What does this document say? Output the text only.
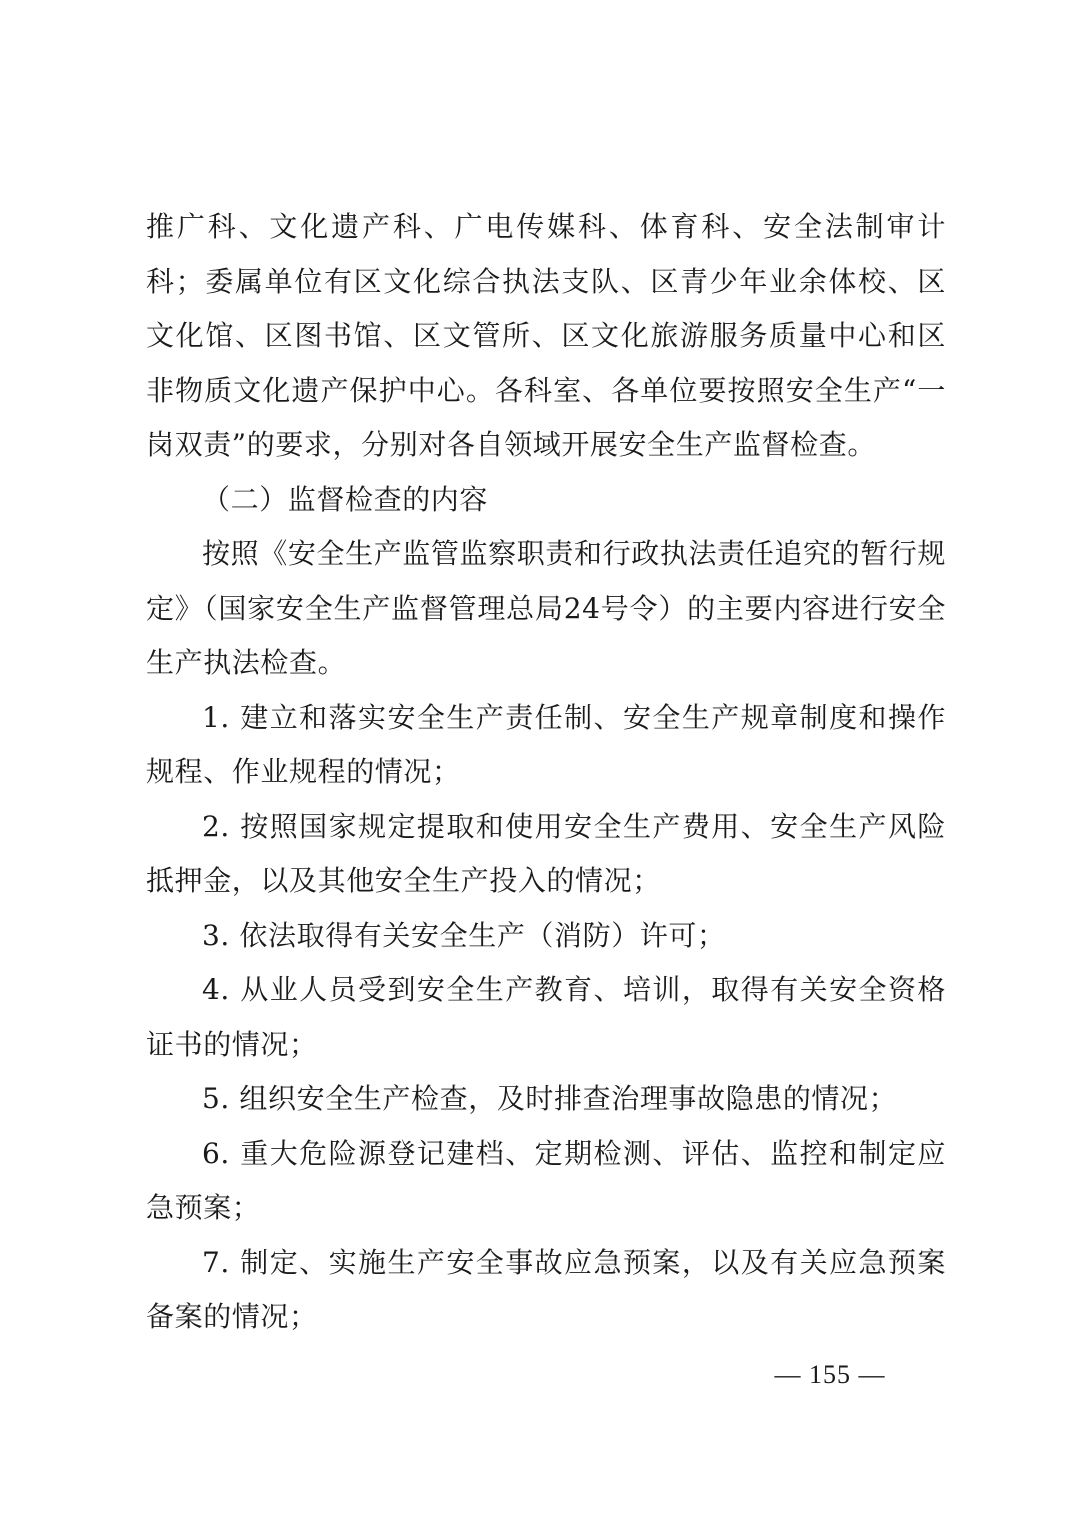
推广科、文化遗产科、广电传媒科、体育科、安全法制审计科；委属单位有区文化综合执法支队、区青少年业余体校、区文化馆、区图书馆、区文管所、区文化旅游服务质量中心和区非物质文化遗产保护中心。各科室、各单位要按照安全生产“一岗双责”的要求，分别对各自领域开展安全生产监督检查。

（二）监督检查的内容

按照《安全生产监管监察职责和行政执法责任追究的暂行规定》（国家安全生产监督管理总局24号令）的主要内容进行安全生产执法检查。

1. 建立和落实安全生产责任制、安全生产规章制度和操作规程、作业规程的情况；

2. 按照国家规定提取和使用安全生产费用、安全生产风险抵押金，以及其他安全生产投入的情况；

3. 依法取得有关安全生产（消防）许可；

4. 从业人员受到安全生产教育、培训，取得有关安全资格证书的情况；

5. 组织安全生产检查，及时排查治理事故隐患的情况；

6. 重大危险源登记建档、定期检测、评估、监控和制定应急预案；

7. 制定、实施生产安全事故应急预案，以及有关应急预案备案的情况；

— 155 —
